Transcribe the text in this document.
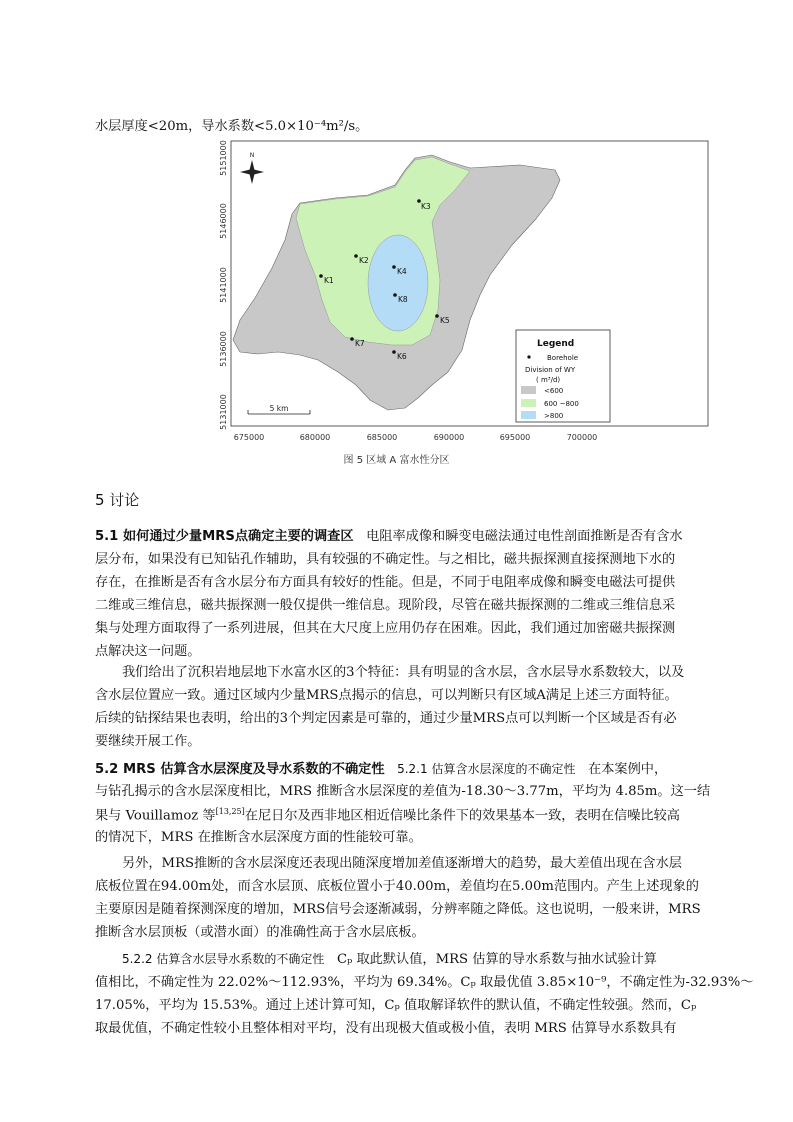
水层厚度<20m，导水系数<5.0×10⁻⁴m²/s。
5151000
5146000
5141000
5136000
5131000
675000	680000	685000	690000	695000	700000
N
K3
K2
K4
K1
K8
K5
K7
K6
5 km
Legend
Borehole
Division of WY
( m³/d)
<600
600 ~800
>800
图 5 区域 A 富水性分区
5 讨论
5.1 如何通过少量MRS点确定主要的调查区 电阻率成像和瞬变电磁法通过电性剖面推断是否有含水
层分布，如果没有已知钻孔作辅助，具有较强的不确定性。与之相比，磁共振探测直接探测地下水的
存在，在推断是否有含水层分布方面具有较好的性能。但是，不同于电阻率成像和瞬变电磁法可提供
二维或三维信息，磁共振探测一般仅提供一维信息。现阶段，尽管在磁共振探测的二维或三维信息采
集与处理方面取得了一系列进展，但其在大尺度上应用仍存在困难。因此，我们通过加密磁共振探测
点解决这一问题。
我们给出了沉积岩地层地下水富水区的3个特征：具有明显的含水层，含水层导水系数较大，以及
含水层位置应一致。通过区域内少量MRS点揭示的信息，可以判断只有区域A满足上述三方面特征。
后续的钻探结果也表明，给出的3个判定因素是可靠的，通过少量MRS点可以判断一个区域是否有必
要继续开展工作。
5.2 MRS 估算含水层深度及导水系数的不确定性 5.2.1 估算含水层深度的不确定性 在本案例中，
与钻孔揭示的含水层深度相比，MRS 推断含水层深度的差值为-18.30～3.77m，平均为 4.85m。这一结
果与 Vouillamoz 等[13,25]在尼日尔及西非地区相近信噪比条件下的效果基本一致，表明在信噪比较高
的情况下，MRS 在推断含水层深度方面的性能较可靠。
另外，MRS推断的含水层深度还表现出随深度增加差值逐渐增大的趋势，最大差值出现在含水层
底板位置在94.00m处，而含水层顶、底板位置小于40.00m，差值均在5.00m范围内。产生上述现象的
主要原因是随着探测深度的增加，MRS信号会逐渐减弱，分辨率随之降低。这也说明，一般来讲，MRS
推断含水层顶板（或潜水面）的准确性高于含水层底板。
5.2.2 估算含水层导水系数的不确定性 Cₚ 取此默认值，MRS 估算的导水系数与抽水试验计算
值相比，不确定性为 22.02%～112.93%，平均为 69.34%。Cₚ 取最优值 3.85×10⁻⁹，不确定性为-32.93%～
17.05%，平均为 15.53%。通过上述计算可知，Cₚ 值取解译软件的默认值，不确定性较强。然而，Cₚ
取最优值，不确定性较小且整体相对平均，没有出现极大值或极小值，表明 MRS 估算导水系数具有
